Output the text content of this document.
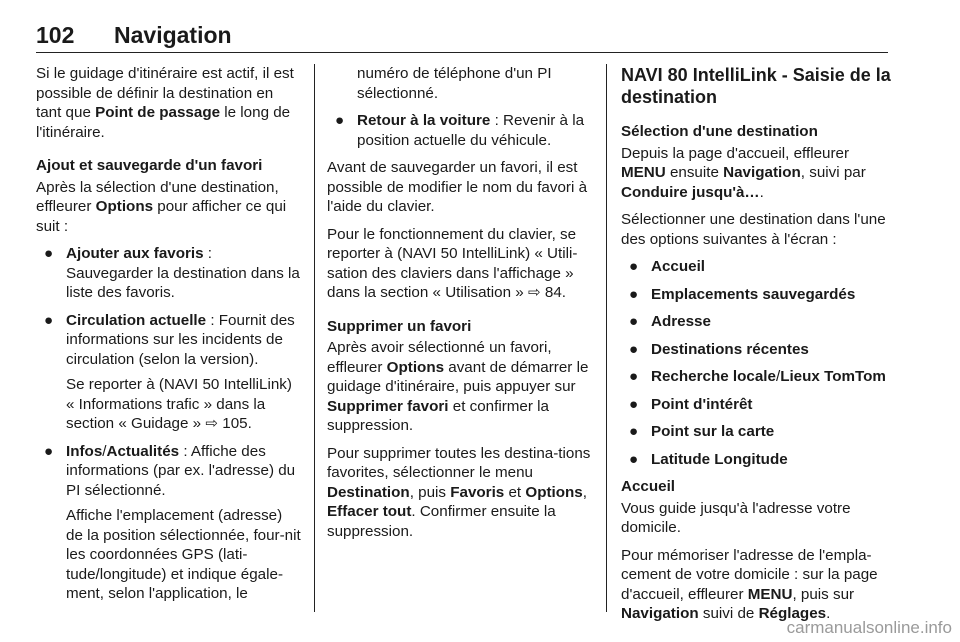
102 Navigation

Si le guidage d'itinéraire est actif, il est possible de définir la destination en tant que Point de passage le long de l'itinéraire.

Ajout et sauvegarde d'un favori

Après la sélection d'une destination, effleurer Options pour afficher ce qui suit :

● Ajouter aux favoris : Sauvegarder la destination dans la liste des favoris.
● Circulation actuelle : Fournit des informations sur les incidents de circulation (selon la version).
Se reporter à (NAVI 50 IntelliLink) « Informations trafic » dans la section « Guidage » ⇨ 105.
● Infos/Actualités : Affiche des informations (par ex. l'adresse) du PI sélectionné.
Affiche l'emplacement (adresse) de la position sélectionnée, four-nit les coordonnées GPS (lati-tude/longitude) et indique égale-ment, selon l'application, le
numéro de téléphone d'un PI sélectionné.
● Retour à la voiture : Revenir à la position actuelle du véhicule.

Avant de sauvegarder un favori, il est possible de modifier le nom du favori à l'aide du clavier.

Pour le fonctionnement du clavier, se reporter à (NAVI 50 IntelliLink) « Utili-sation des claviers dans l'affichage » dans la section « Utilisation » ⇨ 84.

Supprimer un favori

Après avoir sélectionné un favori, effleurer Options avant de démarrer le guidage d'itinéraire, puis appuyer sur Supprimer favori et confirmer la suppression.

Pour supprimer toutes les destina-tions favorites, sélectionner le menu Destination, puis Favoris et Options, Effacer tout. Confirmer ensuite la suppression.

NAVI 80 IntelliLink - Saisie de la destination
Sélection d'une destination

Depuis la page d'accueil, effleurer MENU ensuite Navigation, suivi par Conduire jusqu'à….

Sélectionner une destination dans l'une des options suivantes à l'écran :

● Accueil
● Emplacements sauvegardés
● Adresse
● Destinations récentes
● Recherche locale/Lieux TomTom
● Point d'intérêt
● Point sur la carte
● Latitude Longitude
Accueil

Vous guide jusqu'à l'adresse votre domicile.

Pour mémoriser l'adresse de l'empla-cement de votre domicile : sur la page d'accueil, effleurer MENU, puis sur Navigation suivi de Réglages.

carmanualsonline.info
